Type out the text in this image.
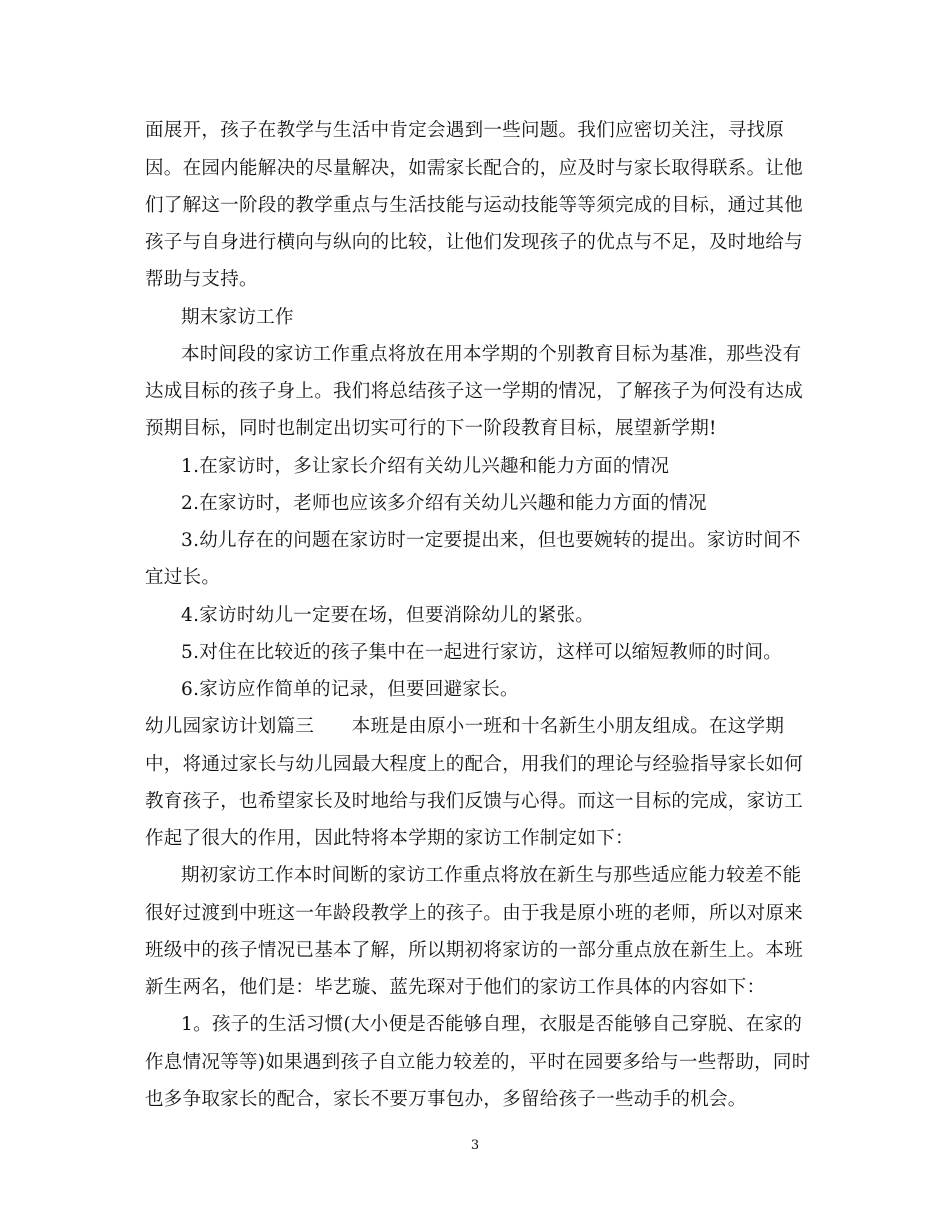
面展开，孩子在教学与生活中肯定会遇到一些问题。我们应密切关注，寻找原
因。在园内能解决的尽量解决，如需家长配合的，应及时与家长取得联系。让他
们了解这一阶段的教学重点与生活技能与运动技能等等须完成的目标，通过其他
孩子与自身进行横向与纵向的比较，让他们发现孩子的优点与不足，及时地给与
帮助与支持。
期末家访工作
本时间段的家访工作重点将放在用本学期的个别教育目标为基准，那些没有
达成目标的孩子身上。我们将总结孩子这一学期的情况，了解孩子为何没有达成
预期目标，同时也制定出切实可行的下一阶段教育目标，展望新学期!
1.在家访时，多让家长介绍有关幼儿兴趣和能力方面的情况
2.在家访时，老师也应该多介绍有关幼儿兴趣和能力方面的情况
3.幼儿存在的问题在家访时一定要提出来，但也要婉转的提出。家访时间不
宜过长。
4.家访时幼儿一定要在场，但要消除幼儿的紧张。
5.对住在比较近的孩子集中在一起进行家访，这样可以缩短教师的时间。
6.家访应作简单的记录，但要回避家长。
幼儿园家访计划篇三　　本班是由原小一班和十名新生小朋友组成。在这学期
中，将通过家长与幼儿园最大程度上的配合，用我们的理论与经验指导家长如何
教育孩子，也希望家长及时地给与我们反馈与心得。而这一目标的完成，家访工
作起了很大的作用，因此特将本学期的家访工作制定如下：
期初家访工作本时间断的家访工作重点将放在新生与那些适应能力较差不能
很好过渡到中班这一年龄段教学上的孩子。由于我是原小班的老师，所以对原来
班级中的孩子情况已基本了解，所以期初将家访的一部分重点放在新生上。本班
新生两名，他们是：毕艺璇、蓝先琛对于他们的家访工作具体的内容如下：
1。孩子的生活习惯(大小便是否能够自理，衣服是否能够自己穿脱、在家的
作息情况等等)如果遇到孩子自立能力较差的，平时在园要多给与一些帮助，同时
也多争取家长的配合，家长不要万事包办，多留给孩子一些动手的机会。
3
